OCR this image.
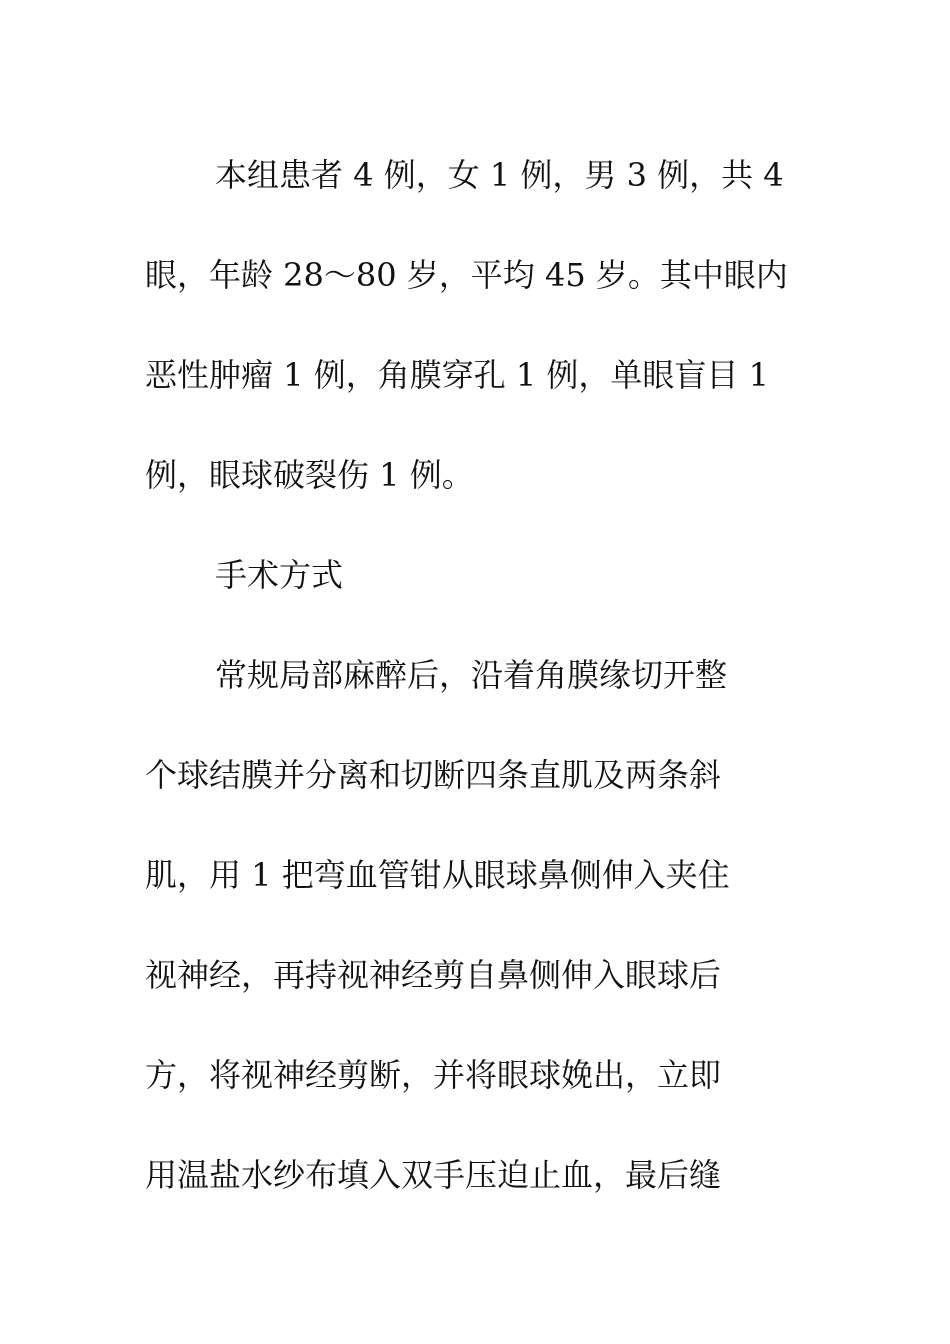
本组患者 4 例，女 1 例，男 3 例，共 4
眼，年龄 28～80 岁，平均 45 岁。其中眼内
恶性肿瘤 1 例，角膜穿孔 1 例，单眼盲目 1
例，眼球破裂伤 1 例。
手术方式
常规局部麻醉后，沿着角膜缘切开整
个球结膜并分离和切断四条直肌及两条斜
肌，用 1 把弯血管钳从眼球鼻侧伸入夹住
视神经，再持视神经剪自鼻侧伸入眼球后
方，将视神经剪断，并将眼球娩出，立即
用温盐水纱布填入双手压迫止血，最后缝
